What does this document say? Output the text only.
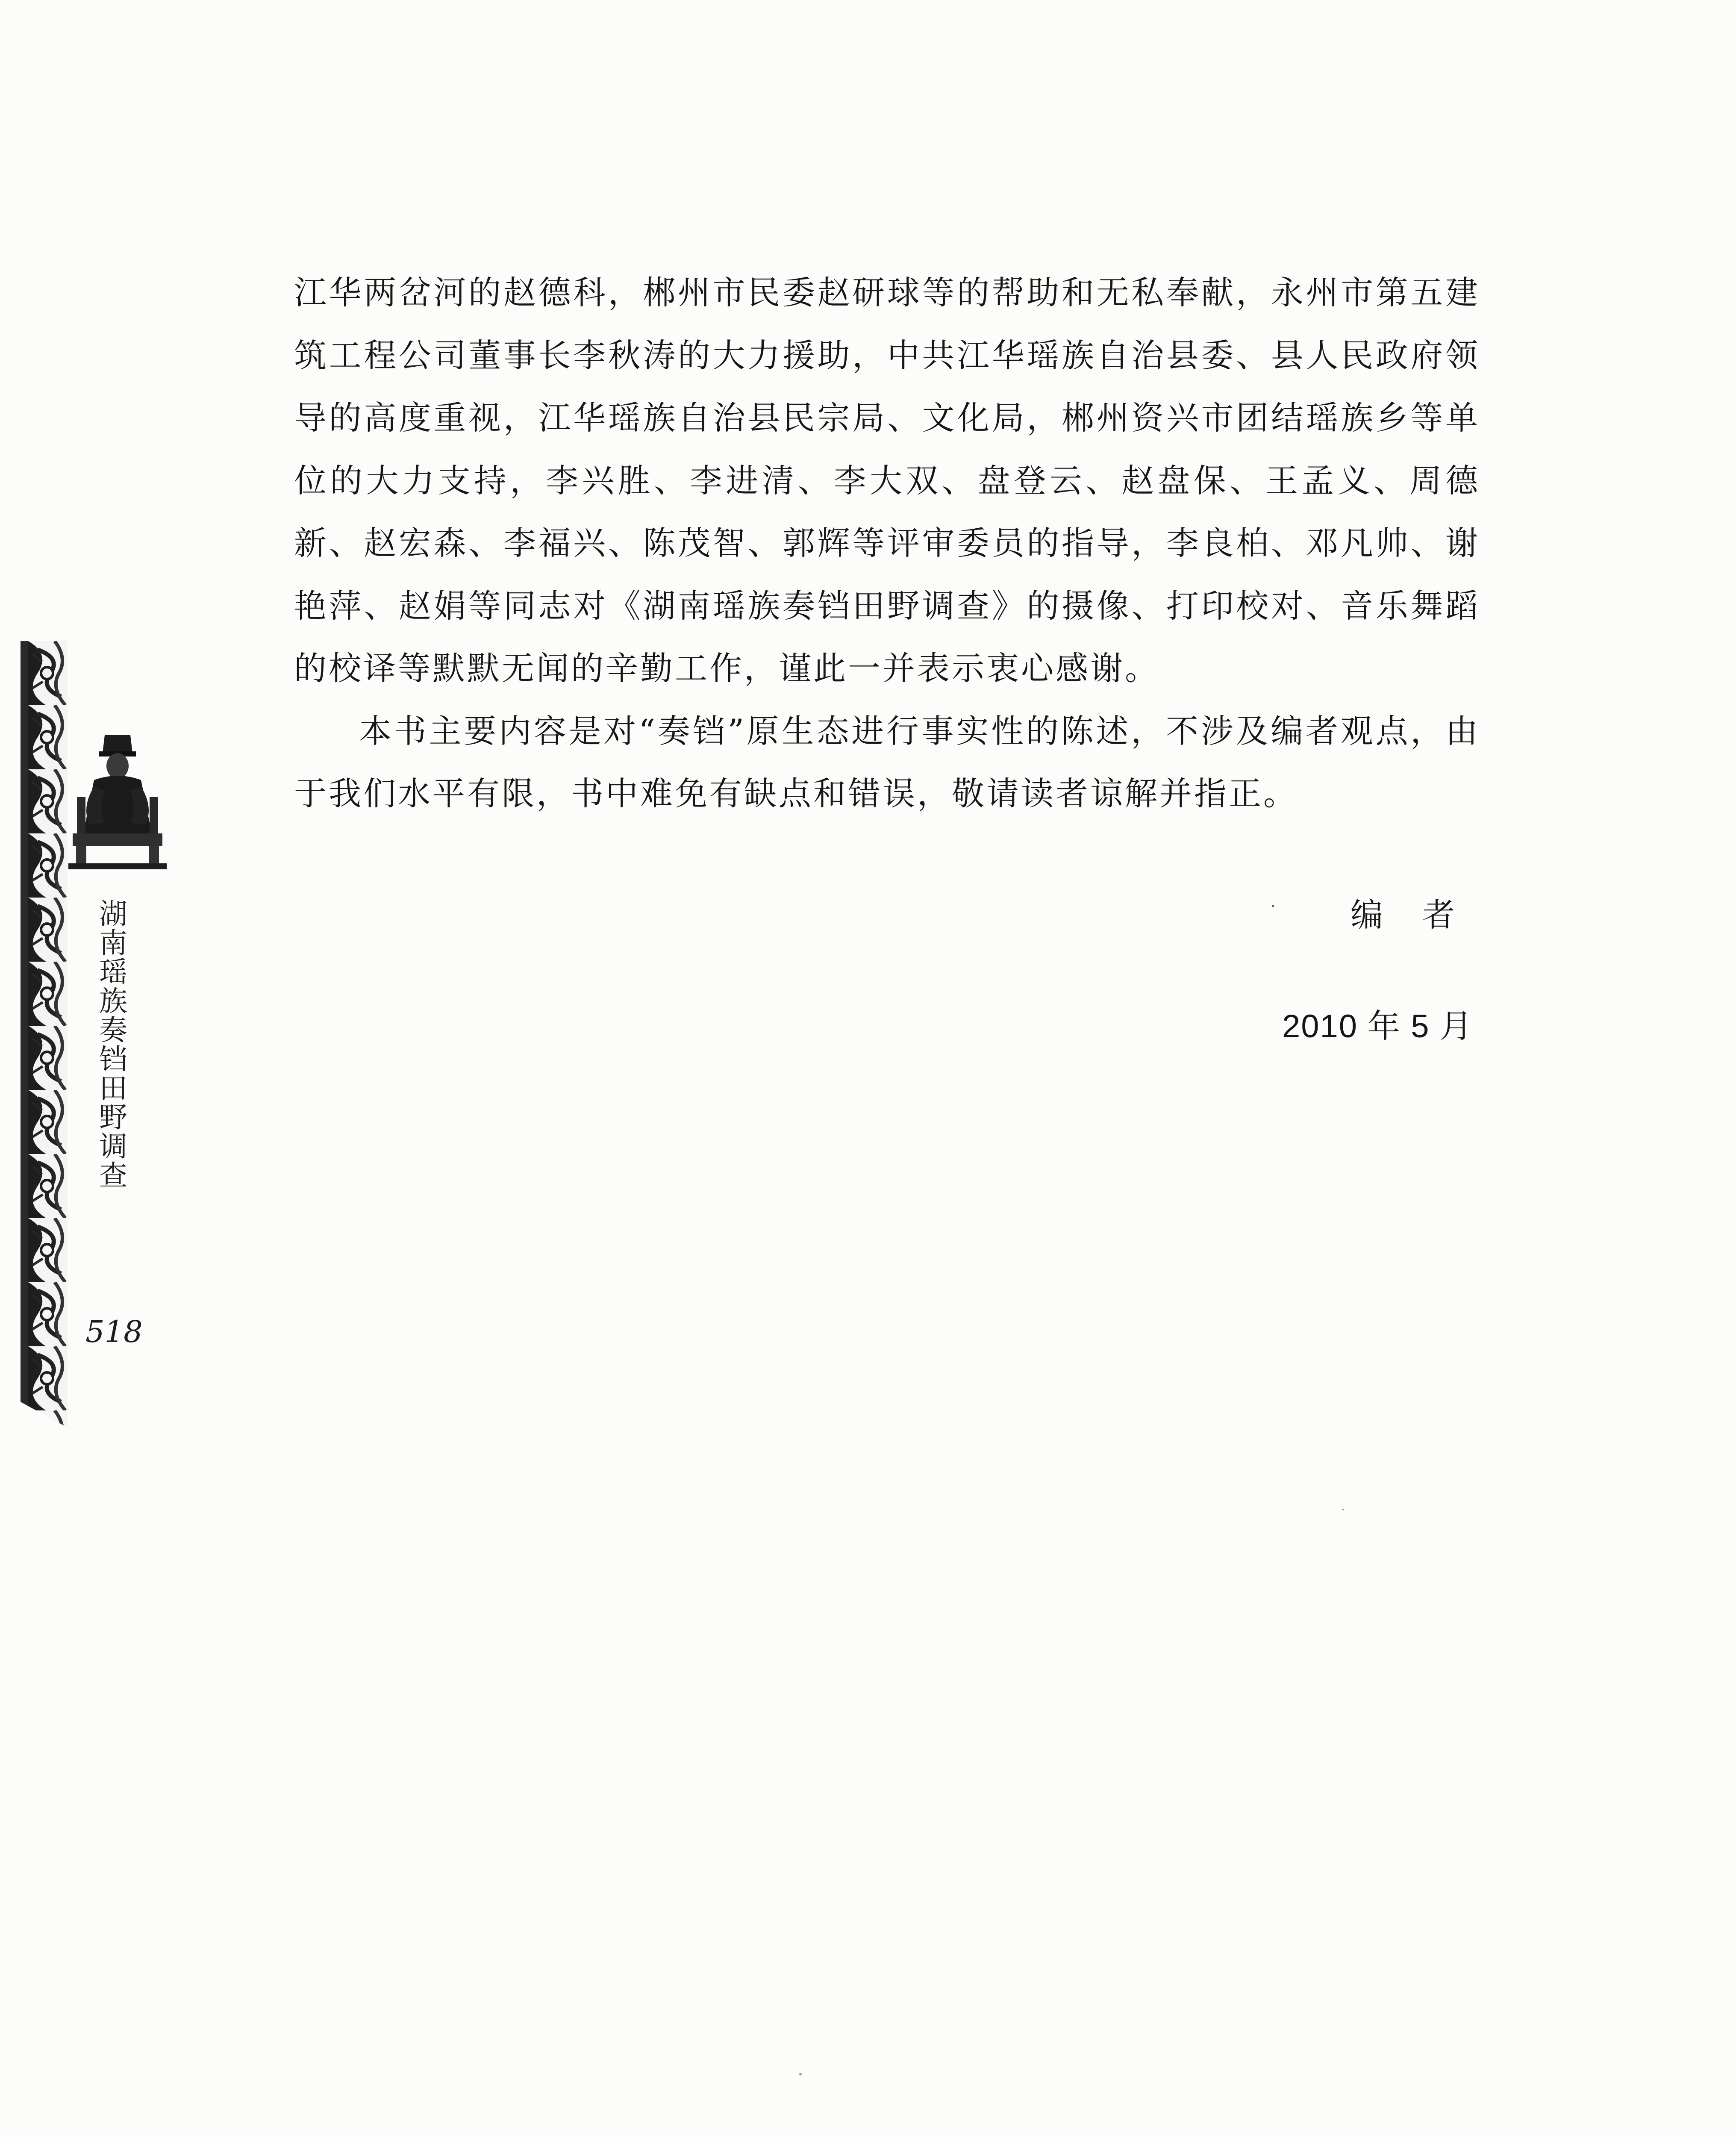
湖
南
瑶
族
奏
铛
田
野
调
查
518

江华两岔河的赵德科，郴州市民委赵研球等的帮助和无私奉献，永州市第五建筑工程公司董事长李秋涛的大力援助，中共江华瑶族自治县委、县人民政府领导的高度重视，江华瑶族自治县民宗局、文化局，郴州资兴市团结瑶族乡等单位的大力支持，李兴胜、李进清、李大双、盘登云、赵盘保、王孟义、周德新、赵宏森、李福兴、陈茂智、郭辉等评审委员的指导，李良柏、邓凡帅、谢艳萍、赵娟等同志对《湖南瑶族奏铛田野调查》的摄像、打印校对、音乐舞蹈的校译等默默无闻的辛勤工作，谨此一并表示衷心感谢。

本书主要内容是对“奏铛”原生态进行事实性的陈述，不涉及编者观点，由于我们水平有限，书中难免有缺点和错误，敬请读者谅解并指正。

· 编 者
2010 年 5 月
